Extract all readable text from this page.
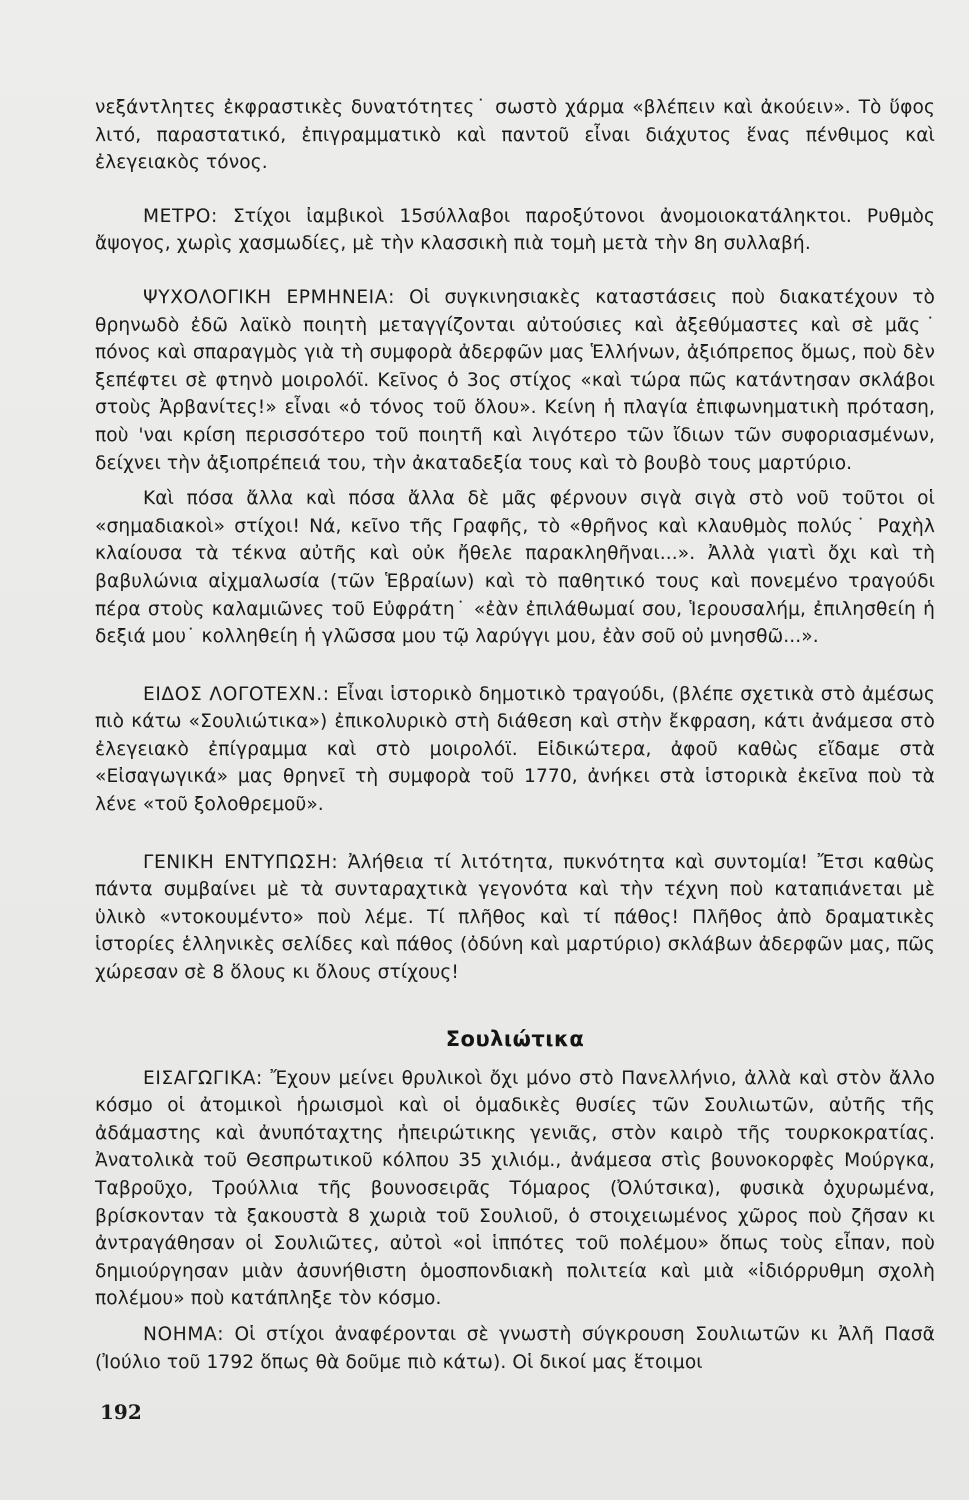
νεξάντλητες ἐκφραστικὲς δυνατότητες˙ σωστὸ χάρμα «βλέπειν καὶ ἀκούειν». Τὸ ὕφος λιτό, παραστατικό, ἐπιγραμματικὸ καὶ παντοῦ εἶναι διάχυτος ἕνας πένθιμος καὶ ἐλεγειακὸς τόνος.

ΜΕΤΡΟ: Στίχοι ἰαμβικοὶ 15σύλλαβοι παροξύτονοι ἀνομοιοκατάληκτοι. Ρυθμὸς ἄψογος, χωρὶς χασμωδίες, μὲ τὴν κλασσικὴ πιὰ τομὴ μετὰ τὴν 8η συλλαβή.

ΨΥΧΟΛΟΓΙΚΗ ΕΡΜΗΝΕΙΑ: Οἱ συγκινησιακὲς καταστάσεις ποὺ διακατέχουν τὸ θρηνωδὸ ἐδῶ λαϊκὸ ποιητὴ μεταγγίζονται αὐτούσιες καὶ ἀξεθύμαστες καὶ σὲ μᾶς˙ πόνος καὶ σπαραγμὸς γιὰ τὴ συμφορὰ ἀδερφῶν μας Ἑλλήνων, ἀξιόπρεπος ὅμως, ποὺ δὲν ξεπέφτει σὲ φτηνὸ μοιρολόϊ. Κεῖνος ὁ 3ος στίχος «καὶ τώρα πῶς κατάντησαν σκλάβοι στοὺς Ἀρβανίτες!» εἶναι «ὁ τόνος τοῦ ὅλου». Κείνη ἡ πλαγία ἐπιφωνηματικὴ πρόταση, ποὺ 'ναι κρίση περισσότερο τοῦ ποιητῆ καὶ λιγότερο τῶν ἴδιων τῶν συφοριασμένων, δείχνει τὴν ἀξιοπρέπειά του, τὴν ἀκαταδεξία τους καὶ τὸ βουβὸ τους μαρτύριο.

Καὶ πόσα ἄλλα καὶ πόσα ἄλλα δὲ μᾶς φέρνουν σιγὰ σιγὰ στὸ νοῦ τοῦτοι οἱ «σημαδιακοὶ» στίχοι! Νά, κεῖνο τῆς Γραφῆς, τὸ «θρῆνος καὶ κλαυθμὸς πολύς˙ Ραχὴλ κλαίουσα τὰ τέκνα αὐτῆς καὶ οὐκ ἤθελε παρακληθῆναι...». Ἀλλὰ γιατὶ ὄχι καὶ τὴ βαβυλώνια αἰχμαλωσία (τῶν Ἑβραίων) καὶ τὸ παθητικό τους καὶ πονεμένο τραγούδι πέρα στοὺς καλαμιῶνες τοῦ Εὐφράτη˙ «ἐὰν ἐπιλάθωμαί σου, Ἱερουσαλήμ, ἐπιλησθείη ἡ δεξιά μου˙ κολληθείη ἡ γλῶσσα μου τῷ λαρύγγι μου, ἐὰν σοῦ οὐ μνησθῶ...».

ΕΙΔΟΣ ΛΟΓΟΤΕΧΝ.: Εἶναι ἱστορικὸ δημοτικὸ τραγούδι, (βλέπε σχετικὰ στὸ ἀμέσως πιὸ κάτω «Σουλιώτικα») ἐπικολυρικὸ στὴ διάθεση καὶ στὴν ἔκφραση, κάτι ἀνάμεσα στὸ ἐλεγειακὸ ἐπίγραμμα καὶ στὸ μοιρολόϊ. Εἰδικώτερα, ἀφοῦ καθὼς εἴδαμε στὰ «Εἰσαγωγικά» μας θρηνεῖ τὴ συμφορὰ τοῦ 1770, ἀνήκει στὰ ἱστορικὰ ἐκεῖνα ποὺ τὰ λένε «τοῦ ξολοθρεμοῦ».

ΓΕΝΙΚΗ ΕΝΤΥΠΩΣΗ: Ἀλήθεια τί λιτότητα, πυκνότητα καὶ συντομία! Ἔτσι καθὼς πάντα συμβαίνει μὲ τὰ συνταραχτικὰ γεγονότα καὶ τὴν τέχνη ποὺ καταπιάνεται μὲ ὑλικὸ «ντοκουμέντο» ποὺ λέμε. Τί πλῆθος καὶ τί πάθος! Πλῆθος ἀπὸ δραματικὲς ἱστορίες ἑλληνικὲς σελίδες καὶ πάθος (ὀδύνη καὶ μαρτύριο) σκλάβων ἀδερφῶν μας, πῶς χώρεσαν σὲ 8 ὅλους κι ὅλους στίχους!

Σουλιώτικα

ΕΙΣΑΓΩΓΙΚΑ: Ἔχουν μείνει θρυλικοὶ ὄχι μόνο στὸ Πανελλήνιο, ἀλλὰ καὶ στὸν ἄλλο κόσμο οἱ ἀτομικοὶ ἡρωισμοὶ καὶ οἱ ὁμαδικὲς θυσίες τῶν Σουλιωτῶν, αὐτῆς τῆς ἀδάμαστης καὶ ἀνυπόταχτης ἠπειρώτικης γενιᾶς, στὸν καιρὸ τῆς τουρκοκρατίας. Ἀνατολικὰ τοῦ Θεσπρωτικοῦ κόλπου 35 χιλιόμ., ἀνάμεσα στὶς βουνοκορφὲς Μούργκα, Ταβροῦχο, Τρούλλια τῆς βουνοσειρᾶς Τόμαρος (Ὀλύτσικα), φυσικὰ ὀχυρωμένα, βρίσκονταν τὰ ξακουστὰ 8 χωριὰ τοῦ Σουλιοῦ, ὁ στοιχειωμένος χῶρος ποὺ ζῆσαν κι ἀντραγάθησαν οἱ Σουλιῶτες, αὐτοὶ «οἱ ἱππότες τοῦ πολέμου» ὅπως τοὺς εἶπαν, ποὺ δημιούργησαν μιὰν ἀσυνήθιστη ὁμοσπονδιακὴ πολιτεία καὶ μιὰ «ἰδιόρρυθμη σχολὴ πολέμου» ποὺ κατάπληξε τὸν κόσμο.

ΝΟΗΜΑ: Οἱ στίχοι ἀναφέρονται σὲ γνωστὴ σύγκρουση Σουλιωτῶν κι Ἀλῆ Πασᾶ (Ἰούλιο τοῦ 1792 ὅπως θὰ δοῦμε πιὸ κάτω). Οἱ δικοί μας ἕτοιμοι

192
